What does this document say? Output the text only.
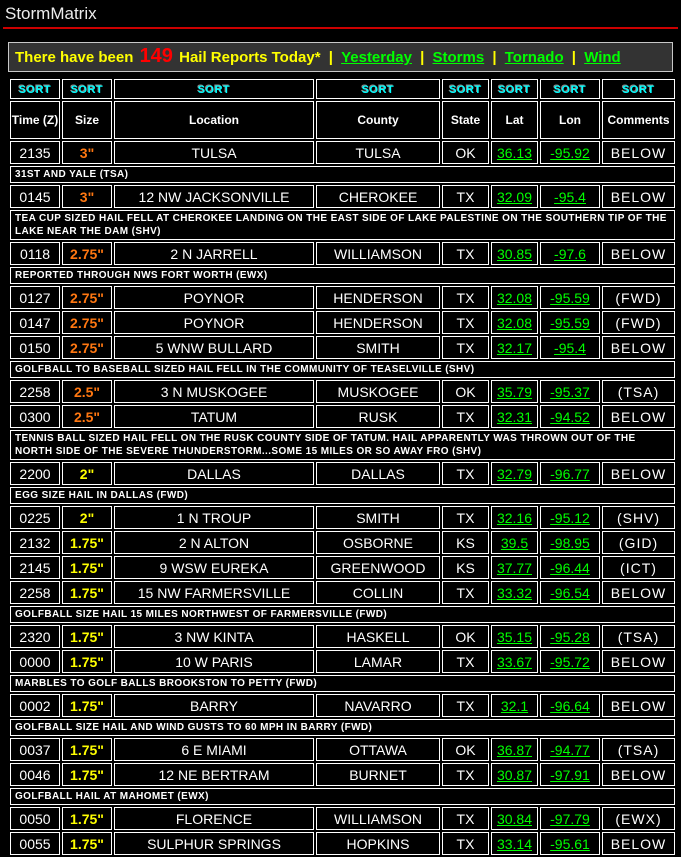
StormMatrix
There have been 149 Hail Reports Today* | Yesterday | Storms | Tornado | Wind
SORT	SORT	SORT	SORT	SORT	SORT	SORT	SORT
Time (Z)	Size	Location	County	State	Lat	Lon	Comments
2135	3"	TULSA	TULSA	OK	36.13	-95.92	BELOW
31ST AND YALE (TSA)							
0145	3"	12 NW JACKSONVILLE	CHEROKEE	TX	32.09	-95.4	BELOW
TEA CUP SIZED HAIL FELL AT CHEROKEE LANDING ON THE EAST SIDE OF LAKE PALESTINE ON THE SOUTHERN TIP OF THE LAKE NEAR THE DAM (SHV)							
0118	2.75"	2 N JARRELL	WILLIAMSON	TX	30.85	-97.6	BELOW
REPORTED THROUGH NWS FORT WORTH (EWX)							
0127	2.75"	POYNOR	HENDERSON	TX	32.08	-95.59	(FWD)
0147	2.75"	POYNOR	HENDERSON	TX	32.08	-95.59	(FWD)
0150	2.75"	5 WNW BULLARD	SMITH	TX	32.17	-95.4	BELOW
GOLFBALL TO BASEBALL SIZED HAIL FELL IN THE COMMUNITY OF TEASELVILLE (SHV)							
2258	2.5"	3 N MUSKOGEE	MUSKOGEE	OK	35.79	-95.37	(TSA)
0300	2.5"	TATUM	RUSK	TX	32.31	-94.52	BELOW
TENNIS BALL SIZED HAIL FELL ON THE RUSK COUNTY SIDE OF TATUM. HAIL APPARENTLY WAS THROWN OUT OF THE NORTH SIDE OF THE SEVERE THUNDERSTORM...SOME 15 MILES OR SO AWAY FRO (SHV)							
2200	2"	DALLAS	DALLAS	TX	32.79	-96.77	BELOW
EGG SIZE HAIL IN DALLAS (FWD)							
0225	2"	1 N TROUP	SMITH	TX	32.16	-95.12	(SHV)
2132	1.75"	2 N ALTON	OSBORNE	KS	39.5	-98.95	(GID)
2145	1.75"	9 WSW EUREKA	GREENWOOD	KS	37.77	-96.44	(ICT)
2258	1.75"	15 NW FARMERSVILLE	COLLIN	TX	33.32	-96.54	BELOW
GOLFBALL SIZE HAIL 15 MILES NORTHWEST OF FARMERSVILLE (FWD)							
2320	1.75"	3 NW KINTA	HASKELL	OK	35.15	-95.28	(TSA)
0000	1.75"	10 W PARIS	LAMAR	TX	33.67	-95.72	BELOW
MARBLES TO GOLF BALLS BROOKSTON TO PETTY (FWD)							
0002	1.75"	BARRY	NAVARRO	TX	32.1	-96.64	BELOW
GOLFBALL SIZE HAIL AND WIND GUSTS TO 60 MPH IN BARRY (FWD)							
0037	1.75"	6 E MIAMI	OTTAWA	OK	36.87	-94.77	(TSA)
0046	1.75"	12 NE BERTRAM	BURNET	TX	30.87	-97.91	BELOW
GOLFBALL HAIL AT MAHOMET (EWX)							
0050	1.75"	FLORENCE	WILLIAMSON	TX	30.84	-97.79	(EWX)
0055	1.75"	SULPHUR SPRINGS	HOPKINS	TX	33.14	-95.61	BELOW
